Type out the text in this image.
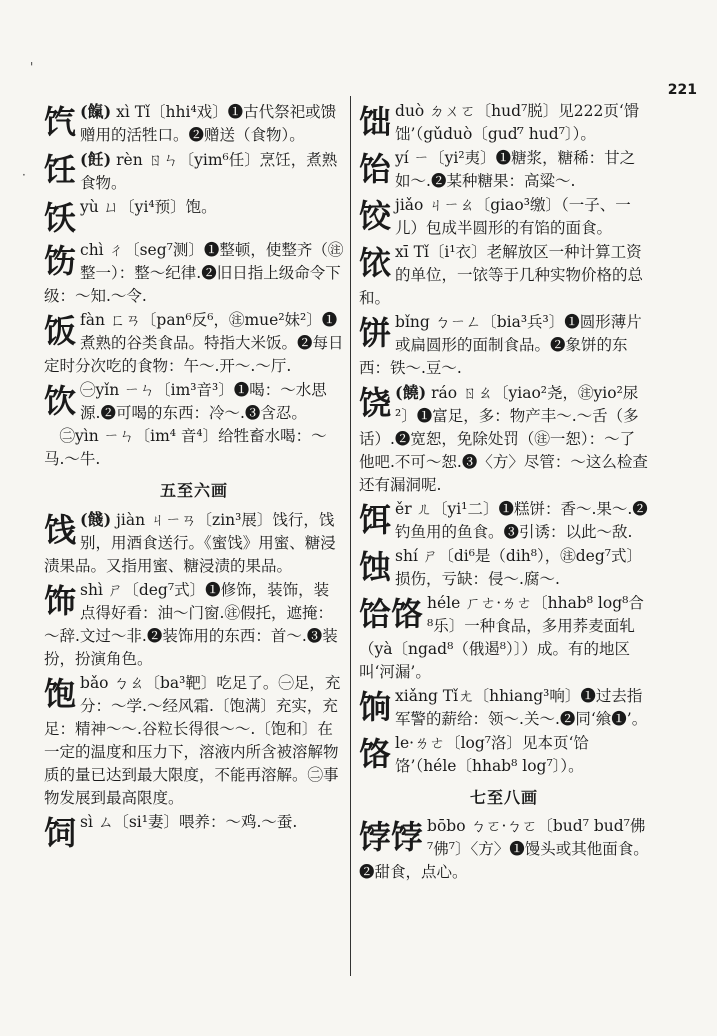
221
'
·
饩 (餼) xì Tǐ〔hhi⁴戏〕❶古代祭祀或馈赠用的活牲口。❷赠送（食物）。
饪 (飪) rèn ㄖㄣ〔yim⁶任〕烹饪，煮熟食物。
饫 yù ㄩ〔yi⁴预〕饱。
饬 chì ㄔ〔seg⁷测〕❶整顿，使整齐（㊟整一）：整～纪律.❷旧日指上级命令下级：～知.～令.
饭 fàn ㄈㄢ〔pan⁶反⁶，㊟mue²妹²〕❶煮熟的谷类食品。特指大米饭。❷每日定时分次吃的食物：午～.开～.～厅.
饮 ㊀yǐn ㄧㄣ〔im³音³〕❶喝：～水思源.❷可喝的东西：冷～.❸含忍。
㊁yìn ㄧㄣ〔im⁴ 音⁴〕给牲畜水喝：～马.～牛.
五至六画
饯 (餞) jiàn ㄐㄧㄢ〔zin³展〕饯行，饯别，用酒食送行。《蜜饯》用蜜、糖浸渍果品。又指用蜜、糖浸渍的果品。
饰 shì ㄕ〔deg⁷式〕❶修饰，装饰，装点得好看：油～门窗.㊟假托，遮掩：～辞.文过～非.❷装饰用的东西：首～.❸装扮，扮演角色。
饱 bǎo ㄅㄠ〔ba³靶〕吃足了。㊀足，充分：～学.～经风霜.〔饱满〕充实，充足：精神～～.谷粒长得很～～.〔饱和〕在一定的温度和压力下，溶液内所含被溶解物质的量已达到最大限度，不能再溶解。㊁事物发展到最高限度。
饲 sì ㄙ〔si¹妻〕喂养：～鸡.～蚕.
饳 duò ㄉㄨㄛ〔hud⁷脱〕见222页‘馉饳’（gǔduò〔guď⁷ hud⁷〕）。
饴 yí ㄧ〔yi²夷〕❶糖浆，糖稀：甘之如～.❷某种糖果：高粱～.
饺 jiǎo ㄐㄧㄠ〔giao³缴〕（一子、一儿）包成半圆形的有馅的面食。
饻 xī Tǐ〔i¹衣〕老解放区一种计算工资的单位，一饻等于几种实物价格的总和。
饼 bǐng ㄅㄧㄥ〔bia³兵³〕❶圆形薄片或扁圆形的面制食品。❷象饼的东西：铁～.豆～.
饶 (饒) ráo ㄖㄠ〔yiao²尧，㊟yio²尿²〕❶富足，多：物产丰～.～舌（多话）.❷宽恕，免除处罚（㊟一恕）：～了他吧.不可～恕.❸〈方〉尽管：～这么检查还有漏洞呢.
饵 ěr ㄦ〔yi¹二〕❶糕饼：香～.果～.❷钓鱼用的鱼食。❸引诱：以此～敌.
蚀 shí ㄕ〔di⁶是（dih⁸），㊟deg⁷式〕损伤，亏缺：侵～.腐～.
饸饹 héle ㄏㄜ·ㄌㄜ〔hhab⁸ log⁸合⁸乐〕一种食品，多用荞麦面轧（yà〔ngad⁸（俄遏⁸）〕）成。有的地区叫‘河漏’。
饷 xiǎng Tǐㄤ〔hhiang³响〕❶过去指军警的薪给：领～.关～.❷同‘飨❶’。
饹 le·ㄌㄜ〔log⁷洛〕见本页‘饸饹’（héle〔hhab⁸ log⁷〕）。
七至八画
饽饽 bōbo ㄅㄛ·ㄅㄛ〔bud⁷ bud⁷佛⁷佛⁷〕〈方〉❶馒头或其他面食。❷甜食，点心。
